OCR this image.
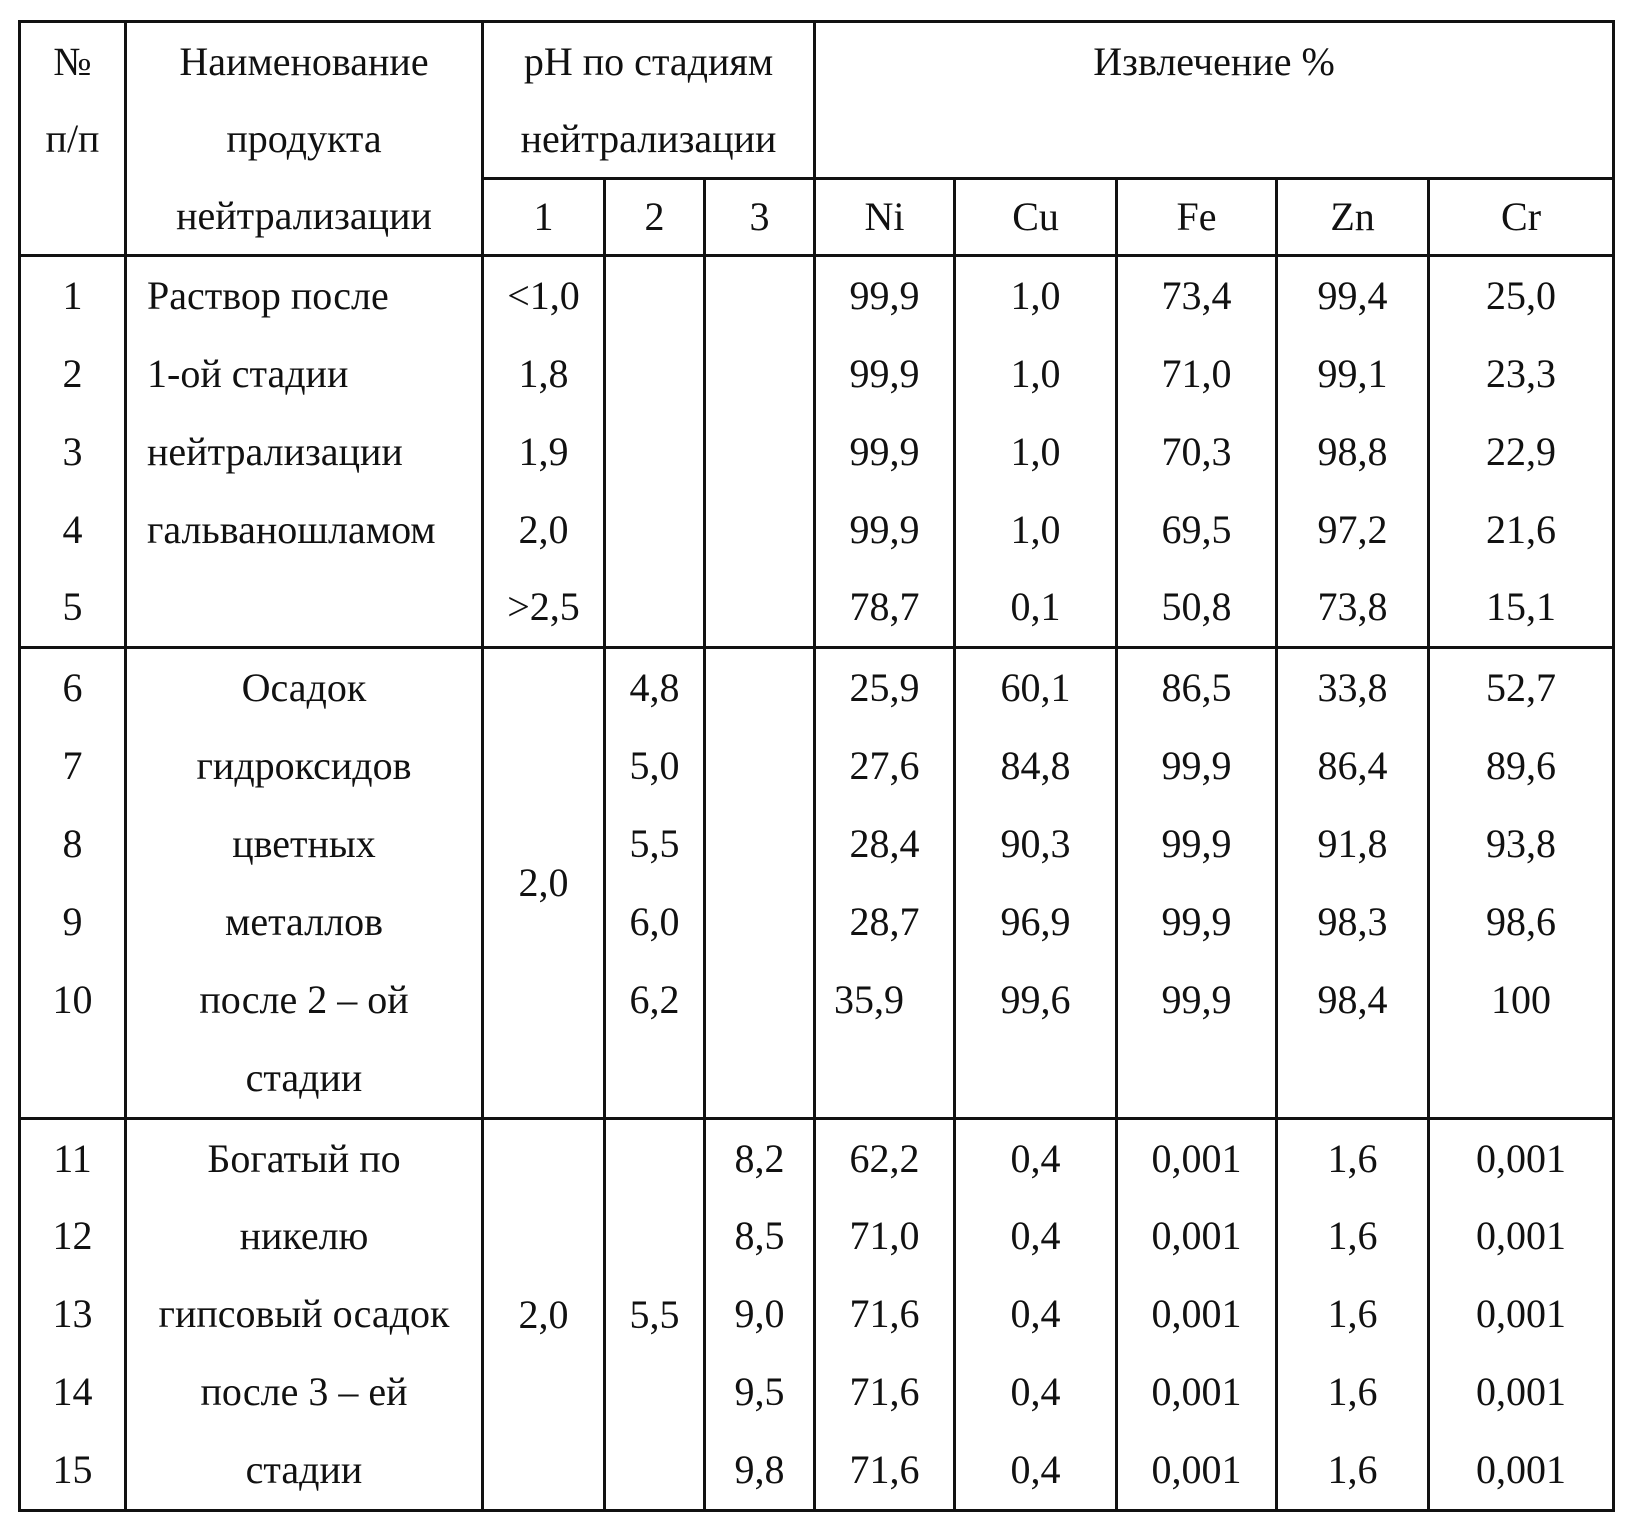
№
п/п

Наименование
продукта
нейтрализации

pH по стадиям
нейтрализации

Извлечение %

1	2	3	Ni	Cu	Fe	Zn	Cr
1	Раствор после	<1,0			99,9	1,0	73,4	99,4	25,0
2	1-ой стадии	1,8			99,9	1,0	71,0	99,1	23,3
3	нейтрализации	1,9			99,9	1,0	70,3	98,8	22,9
4	гальваношламом	2,0			99,9	1,0	69,5	97,2	21,6
5		>2,5			78,7	0,1	50,8	73,8	15,1
6	Осадок	2,0	4,8		25,9	60,1	86,5	33,8	52,7
7	гидроксидов	5,0		27,6	84,8	99,9	86,4	89,6
8	цветных	5,5		28,4	90,3	99,9	91,8	93,8
9	металлов	6,0		28,7	96,9	99,9	98,3	98,6
10	после 2 – ой	6,2		35,9	99,6	99,9	98,4	100
	стадии							
11	Богатый по	2,0	5,5	8,2	62,2	0,4	0,001	1,6	0,001
12	никелю	8,5	71,0	0,4	0,001	1,6	0,001
13	гипсовый осадок	9,0	71,6	0,4	0,001	1,6	0,001
14	после 3 – ей	9,5	71,6	0,4	0,001	1,6	0,001
15	стадии	9,8	71,6	0,4	0,001	1,6	0,001
